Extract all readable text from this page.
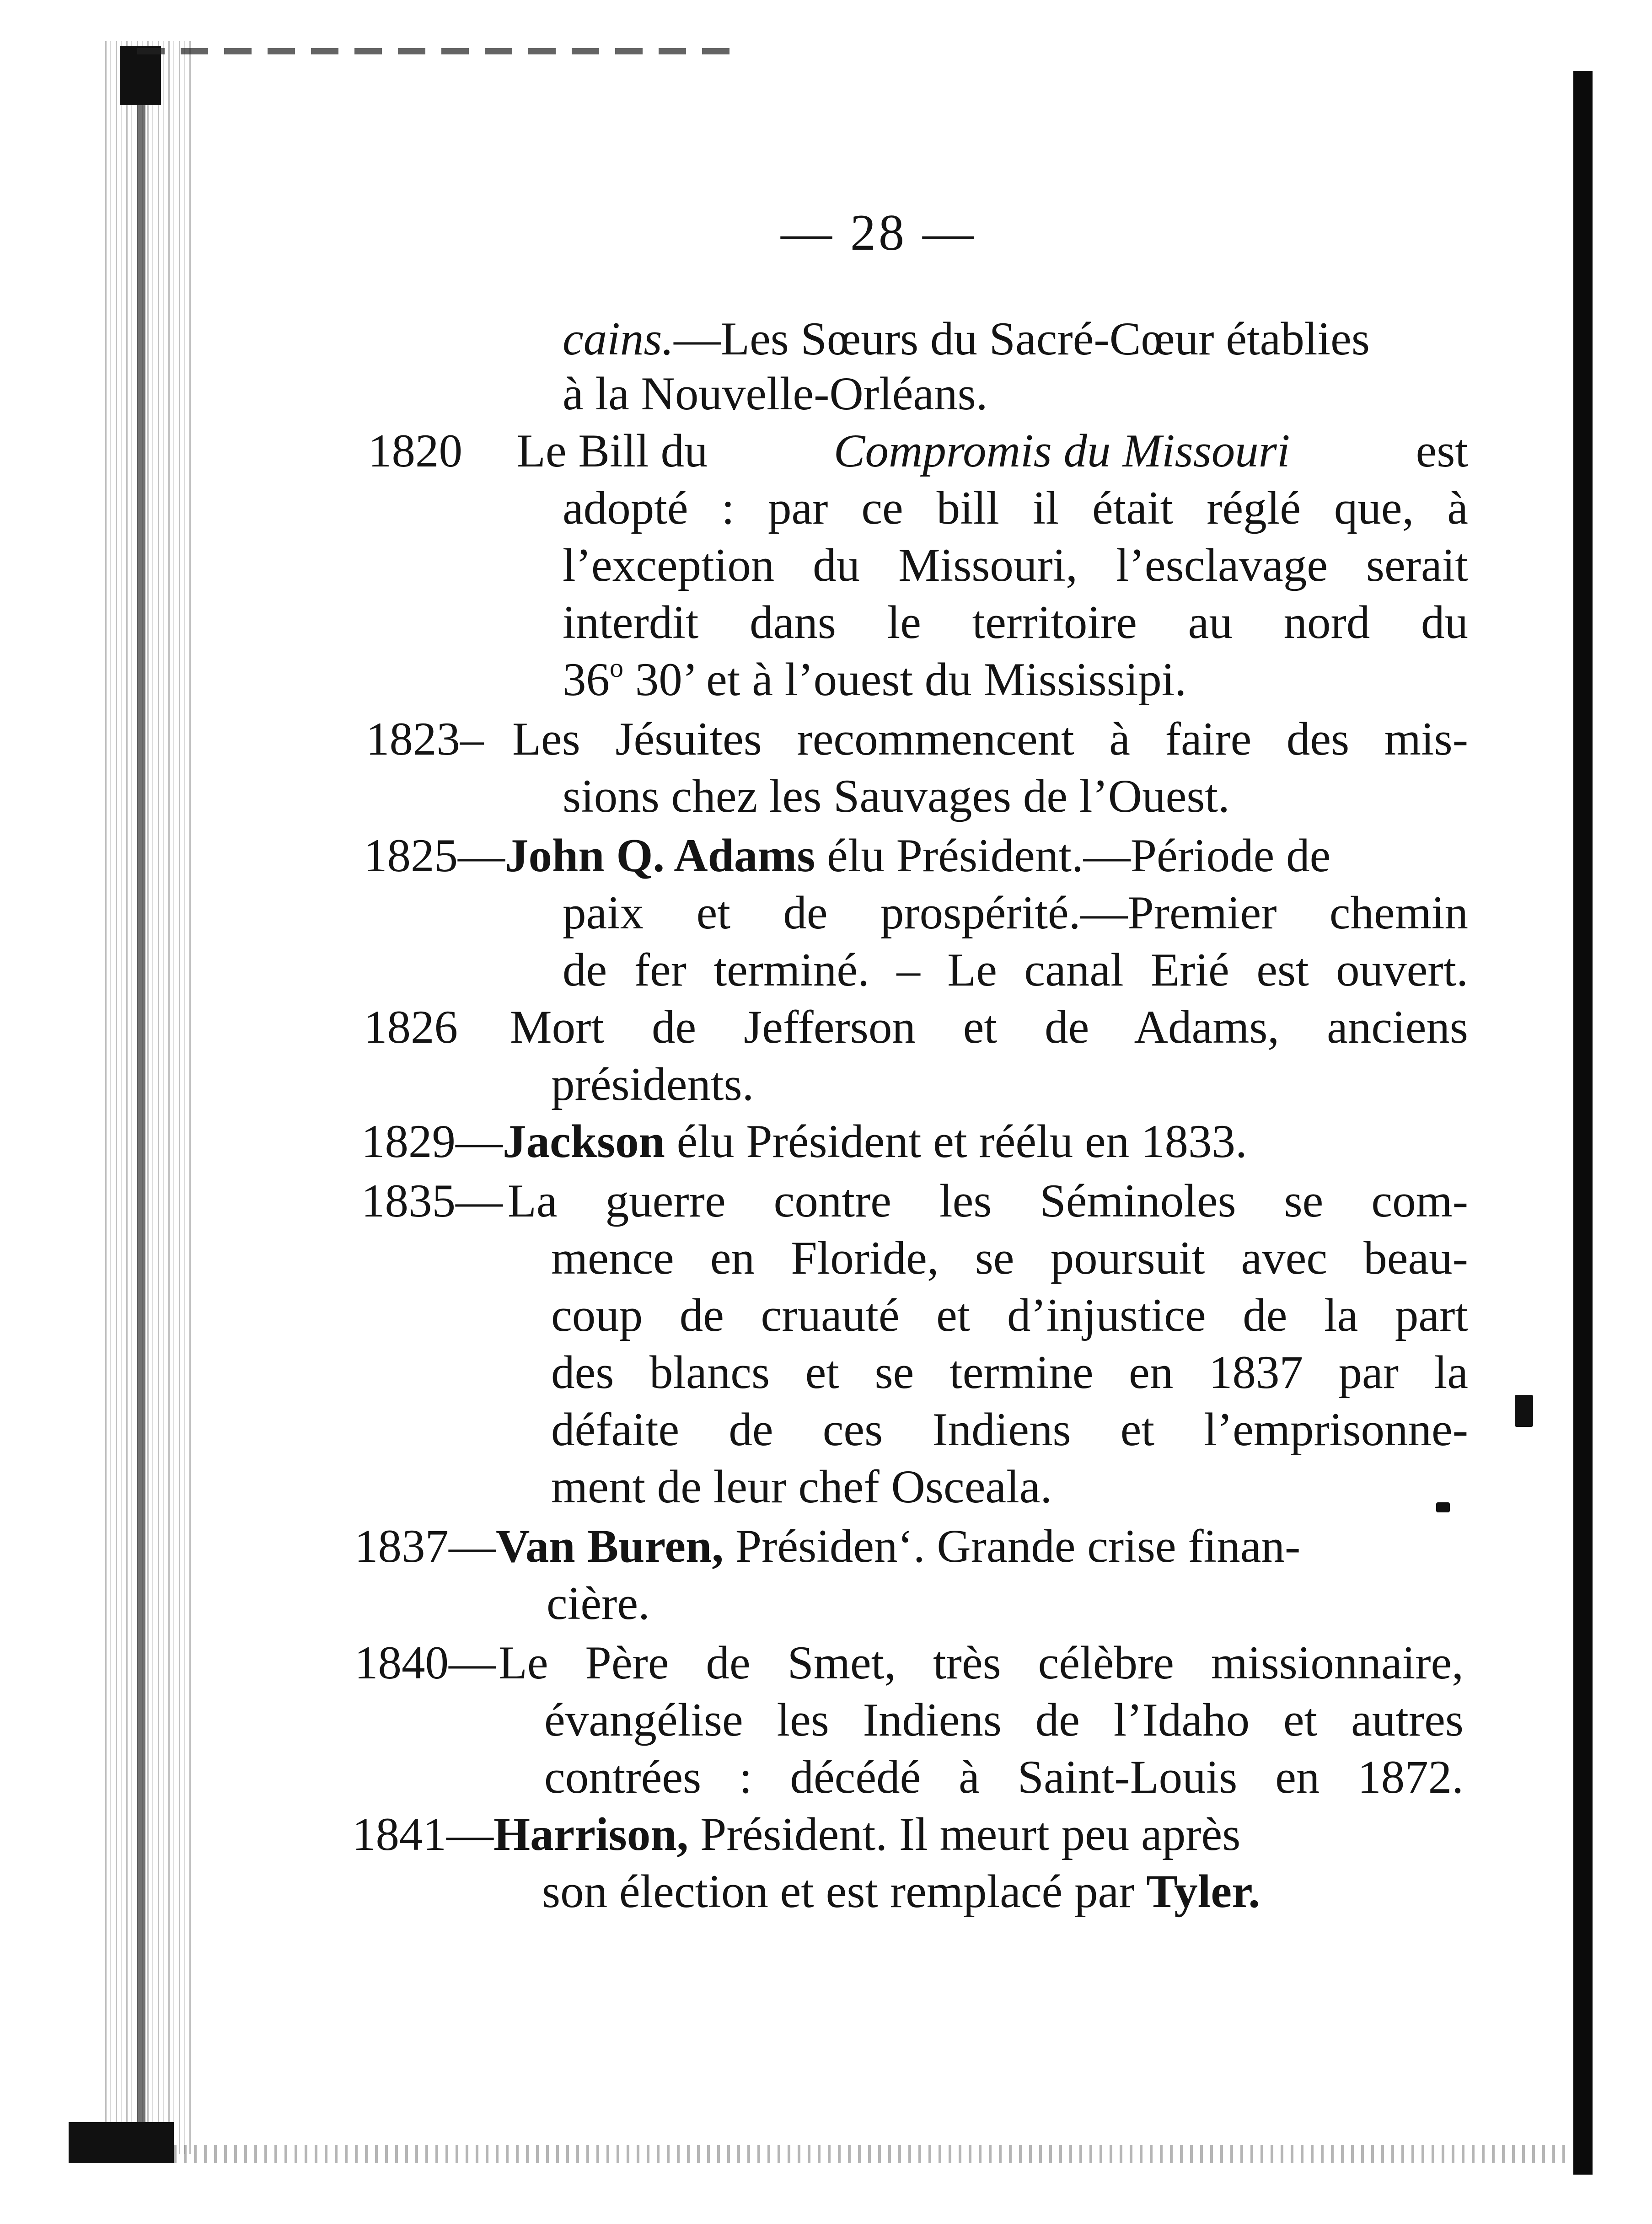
— 28 —
cains.—Les Sœurs du Sacré-Cœur établies
à la Nouvelle-Orléans.
1820 Le Bill du	Compromis du Missouri	est
adopté : par ce bill il était réglé que, à
l’exception du Missouri, l’esclavage serait
interdit dans le territoire au nord du
36$^o$ 30’ et à l’ouest du Mississipi.
1823– Les Jésuites recommencent à faire des mis-
sions chez les Sauvages de l’Ouest.
1825—John Q. Adams élu Président.—Période de
paix et de prospérité.—Premier chemin
de fer terminé. – Le canal Erié est ouvert.
1826 Mort de Jefferson et de Adams, anciens
présidents.
1829—Jackson élu Président et réélu en 1833.
1835— La guerre contre les Séminoles se com-
mence en Floride, se poursuit avec beau-
coup de cruauté et d’injustice de la part
des blancs et se termine en 1837 par la
défaite de ces Indiens et l’emprisonne-
ment de leur chef Osceala.
1837—Van Buren, Présiden‘. Grande crise finan-
cière.
1840— Le Père de Smet, très célèbre missionnaire,
évangélise les Indiens de l’Idaho et autres
contrées : décédé à Saint-Louis en 1872.
1841—Harrison, Président. Il meurt peu après
son élection et est remplacé par Tyler.
